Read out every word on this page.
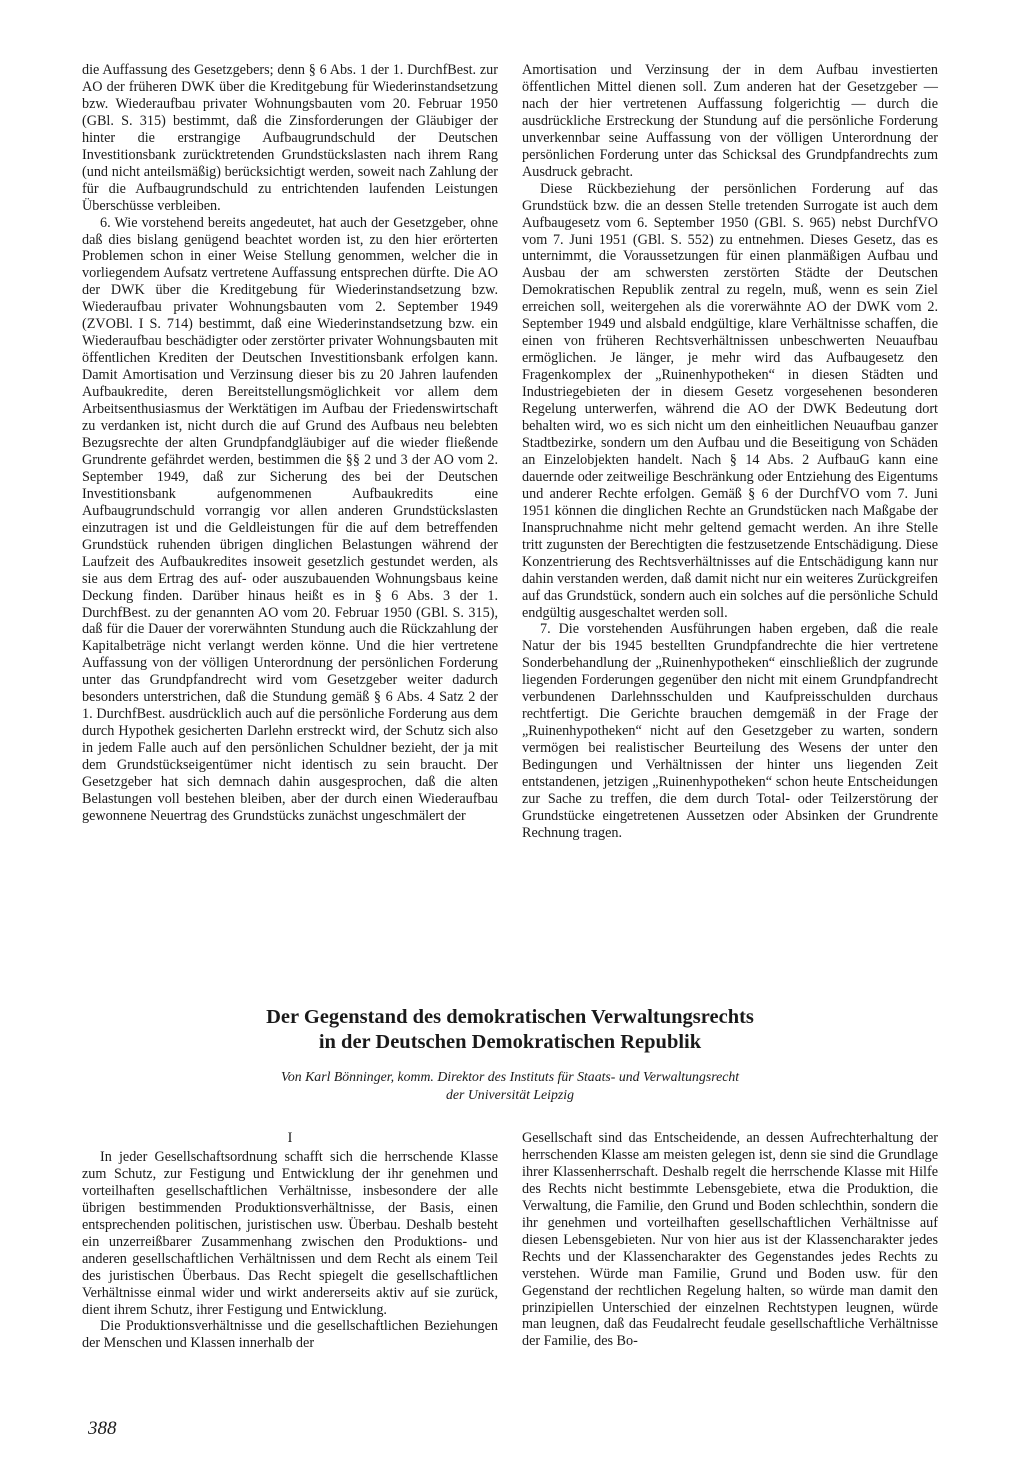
die Auffassung des Gesetzgebers; denn § 6 Abs. 1 der 1. DurchfBest. zur AO der früheren DWK über die Kreditgebung für Wiederinstandsetzung bzw. Wiederaufbau privater Wohnungsbauten vom 20. Februar 1950 (GBl. S. 315) bestimmt, daß die Zinsforderungen der Gläubiger der hinter die erstrangige Aufbaugrundschuld der Deutschen Investitionsbank zurücktretenden Grundstückslasten nach ihrem Rang (und nicht anteilsmäßig) berücksichtigt werden, soweit nach Zahlung der für die Aufbaugrundschuld zu entrichtenden laufenden Leistungen Überschüsse verbleiben.

6. Wie vorstehend bereits angedeutet, hat auch der Gesetzgeber, ohne daß dies bislang genügend beachtet worden ist, zu den hier erörterten Problemen schon in einer Weise Stellung genommen, welcher die in vorliegendem Aufsatz vertretene Auffassung entsprechen dürfte. Die AO der DWK über die Kreditgebung für Wiederinstandsetzung bzw. Wiederaufbau privater Wohnungsbauten vom 2. September 1949 (ZVOBl. I S. 714) bestimmt, daß eine Wiederinstandsetzung bzw. ein Wiederaufbau beschädigter oder zerstörter privater Wohnungsbauten mit öffentlichen Krediten der Deutschen Investitionsbank erfolgen kann. Damit Amortisation und Verzinsung dieser bis zu 20 Jahren laufenden Aufbaukredite, deren Bereitstellungsmöglichkeit vor allem dem Arbeitsenthusiasmus der Werktätigen im Aufbau der Friedenswirtschaft zu verdanken ist, nicht durch die auf Grund des Aufbaus neu belebten Bezugsrechte der alten Grundpfandgläubiger auf die wieder fließende Grundrente gefährdet werden, bestimmen die §§ 2 und 3 der AO vom 2. September 1949, daß zur Sicherung des bei der Deutschen Investitionsbank aufgenommenen Aufbaukredits eine Aufbaugrundschuld vorrangig vor allen anderen Grundstückslasten einzutragen ist und die Geldleistungen für die auf dem betreffenden Grundstück ruhenden übrigen dinglichen Belastungen während der Laufzeit des Aufbaukredites insoweit gesetzlich gestundet werden, als sie aus dem Ertrag des auf- oder auszubauenden Wohnungsbaus keine Deckung finden. Darüber hinaus heißt es in § 6 Abs. 3 der 1. DurchfBest. zu der genannten AO vom 20. Februar 1950 (GBl. S. 315), daß für die Dauer der vorerwähnten Stundung auch die Rückzahlung der Kapitalbeträge nicht verlangt werden könne. Und die hier vertretene Auffassung von der völligen Unterordnung der persönlichen Forderung unter das Grundpfandrecht wird vom Gesetzgeber weiter dadurch besonders unterstrichen, daß die Stundung gemäß § 6 Abs. 4 Satz 2 der 1. DurchfBest. ausdrücklich auch auf die persönliche Forderung aus dem durch Hypothek gesicherten Darlehn erstreckt wird, der Schutz sich also in jedem Falle auch auf den persönlichen Schuldner bezieht, der ja mit dem Grundstückseigentümer nicht identisch zu sein braucht. Der Gesetzgeber hat sich demnach dahin ausgesprochen, daß die alten Belastungen voll bestehen bleiben, aber der durch einen Wiederaufbau gewonnene Neuertrag des Grundstücks zunächst ungeschmälert der

Amortisation und Verzinsung der in dem Aufbau investierten öffentlichen Mittel dienen soll. Zum anderen hat der Gesetzgeber — nach der hier vertretenen Auffassung folgerichtig — durch die ausdrückliche Erstreckung der Stundung auf die persönliche Forderung unverkennbar seine Auffassung von der völligen Unterordnung der persönlichen Forderung unter das Schicksal des Grundpfandrechts zum Ausdruck gebracht.

Diese Rückbeziehung der persönlichen Forderung auf das Grundstück bzw. die an dessen Stelle tretenden Surrogate ist auch dem Aufbaugesetz vom 6. September 1950 (GBl. S. 965) nebst DurchfVO vom 7. Juni 1951 (GBl. S. 552) zu entnehmen. Dieses Gesetz, das es unternimmt, die Voraussetzungen für einen planmäßigen Aufbau und Ausbau der am schwersten zerstörten Städte der Deutschen Demokratischen Republik zentral zu regeln, muß, wenn es sein Ziel erreichen soll, weitergehen als die vorerwähnte AO der DWK vom 2. September 1949 und alsbald endgültige, klare Verhältnisse schaffen, die einen von früheren Rechtsverhältnissen unbeschwerten Neuaufbau ermöglichen. Je länger, je mehr wird das Aufbaugesetz den Fragenkomplex der „Ruinenhypotheken“ in diesen Städten und Industriegebieten der in diesem Gesetz vorgesehenen besonderen Regelung unterwerfen, während die AO der DWK Bedeutung dort behalten wird, wo es sich nicht um den einheitlichen Neuaufbau ganzer Stadtbezirke, sondern um den Aufbau und die Beseitigung von Schäden an Einzelobjekten handelt. Nach § 14 Abs. 2 AufbauG kann eine dauernde oder zeitweilige Beschränkung oder Entziehung des Eigentums und anderer Rechte erfolgen. Gemäß § 6 der DurchfVO vom 7. Juni 1951 können die dinglichen Rechte an Grundstücken nach Maßgabe der Inanspruchnahme nicht mehr geltend gemacht werden. An ihre Stelle tritt zugunsten der Berechtigten die festzusetzende Entschädigung. Diese Konzentrierung des Rechtsverhältnisses auf die Entschädigung kann nur dahin verstanden werden, daß damit nicht nur ein weiteres Zurückgreifen auf das Grundstück, sondern auch ein solches auf die persönliche Schuld endgültig ausgeschaltet werden soll.

7. Die vorstehenden Ausführungen haben ergeben, daß die reale Natur der bis 1945 bestellten Grundpfandrechte die hier vertretene Sonderbehandlung der „Ruinenhypotheken“ einschließlich der zugrunde liegenden Forderungen gegenüber den nicht mit einem Grundpfandrecht verbundenen Darlehnsschulden und Kaufpreisschulden durchaus rechtfertigt. Die Gerichte brauchen demgemäß in der Frage der „Ruinenhypotheken“ nicht auf den Gesetzgeber zu warten, sondern vermögen bei realistischer Beurteilung des Wesens der unter den Bedingungen und Verhältnissen der hinter uns liegenden Zeit entstandenen, jetzigen „Ruinenhypotheken“ schon heute Entscheidungen zur Sache zu treffen, die dem durch Total- oder Teilzerstörung der Grundstücke eingetretenen Aussetzen oder Absinken der Grundrente Rechnung tragen.

Der Gegenstand des demokratischen Verwaltungsrechts
in der Deutschen Demokratischen Republik
Von Karl Bönninger, komm. Direktor des Instituts für Staats- und Verwaltungsrecht
der Universität Leipzig
I

In jeder Gesellschaftsordnung schafft sich die herrschende Klasse zum Schutz, zur Festigung und Entwicklung der ihr genehmen und vorteilhaften gesellschaftlichen Verhältnisse, insbesondere der alle übrigen bestimmenden Produktionsverhältnisse, der Basis, einen entsprechenden politischen, juristischen usw. Überbau. Deshalb besteht ein unzerreißbarer Zusammenhang zwischen den Produktions- und anderen gesellschaftlichen Verhältnissen und dem Recht als einem Teil des juristischen Überbaus. Das Recht spiegelt die gesellschaftlichen Verhältnisse einmal wider und wirkt andererseits aktiv auf sie zurück, dient ihrem Schutz, ihrer Festigung und Entwicklung.

Die Produktionsverhältnisse und die gesellschaftlichen Beziehungen der Menschen und Klassen innerhalb der

Gesellschaft sind das Entscheidende, an dessen Aufrechterhaltung der herrschenden Klasse am meisten gelegen ist, denn sie sind die Grundlage ihrer Klassenherrschaft. Deshalb regelt die herrschende Klasse mit Hilfe des Rechts nicht bestimmte Lebensgebiete, etwa die Produktion, die Verwaltung, die Familie, den Grund und Boden schlechthin, sondern die ihr genehmen und vorteilhaften gesellschaftlichen Verhältnisse auf diesen Lebensgebieten. Nur von hier aus ist der Klassencharakter jedes Rechts und der Klassencharakter des Gegenstandes jedes Rechts zu verstehen. Würde man Familie, Grund und Boden usw. für den Gegenstand der rechtlichen Regelung halten, so würde man damit den prinzipiellen Unterschied der einzelnen Rechtstypen leugnen, würde man leugnen, daß das Feudalrecht feudale gesellschaftliche Verhältnisse der Familie, des Bo-

388
